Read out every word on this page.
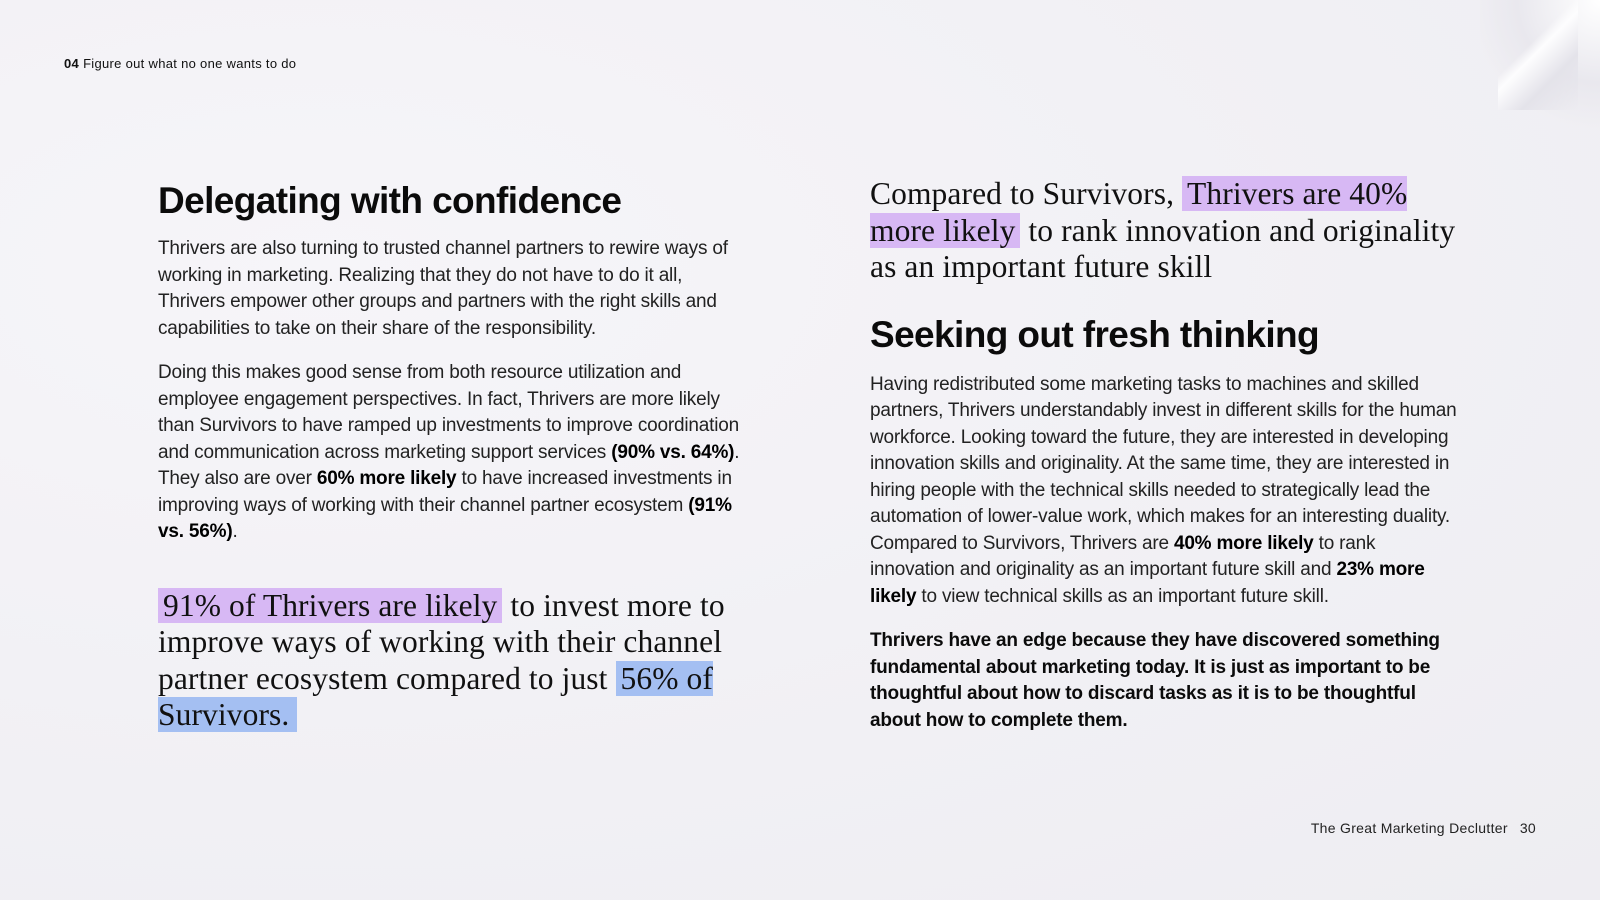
04 Figure out what no one wants to do
Delegating with confidence

Thrivers are also turning to trusted channel partners to rewire ways of working in marketing. Realizing that they do not have to do it all, Thrivers empower other groups and partners with the right skills and capabilities to take on their share of the responsibility.

Doing this makes good sense from both resource utilization and employee engagement perspectives. In fact, Thrivers are more likely than Survivors to have ramped up investments to improve coordination and communication across marketing support services (90% vs. 64%). They also are over 60% more likely to have increased investments in improving ways of working with their channel partner ecosystem (91% vs. 56%).

91% of Thrivers are likely to invest more to improve ways of working with their channel partner ecosystem compared to just 56% of Survivors.
Compared to Survivors, Thrivers are 40% more likely to rank innovation and originality as an important future skill
Seeking out fresh thinking

Having redistributed some marketing tasks to machines and skilled partners, Thrivers understandably invest in different skills for the human workforce. Looking toward the future, they are interested in developing innovation skills and originality. At the same time, they are interested in hiring people with the technical skills needed to strategically lead the automation of lower-value work, which makes for an interesting duality. Compared to Survivors, Thrivers are 40% more likely to rank innovation and originality as an important future skill and 23% more likely to view technical skills as an important future skill.

Thrivers have an edge because they have discovered something fundamental about marketing today. It is just as important to be thoughtful about how to discard tasks as it is to be thoughtful about how to complete them.

The Great Marketing Declutter 30
